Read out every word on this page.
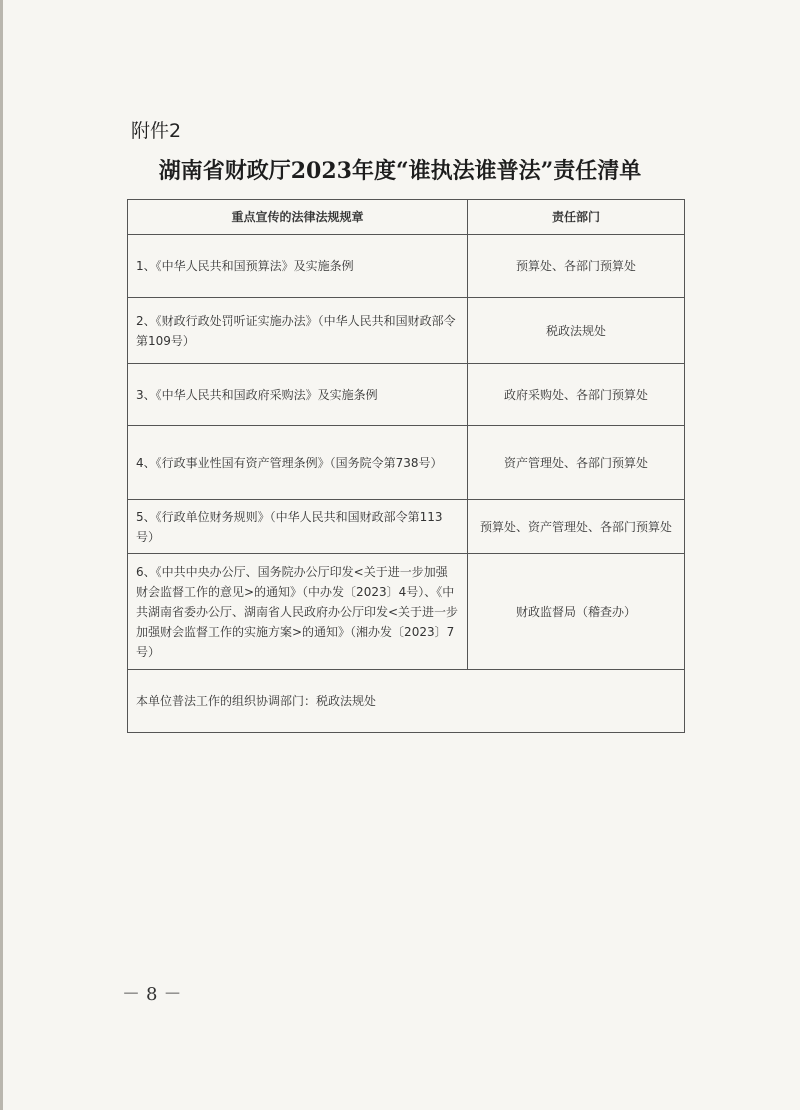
附件2
湖南省财政厅2023年度“谁执法谁普法”责任清单
重点宣传的法律法规规章	责任部门
1、《中华人民共和国预算法》及实施条例	预算处、各部门预算处
2、《财政行政处罚听证实施办法》（中华人民共和国财政部令第109号）	税政法规处
3、《中华人民共和国政府采购法》及实施条例	政府采购处、各部门预算处
4、《行政事业性国有资产管理条例》（国务院令第738号）	资产管理处、各部门预算处
5、《行政单位财务规则》（中华人民共和国财政部令第113号）	预算处、资产管理处、各部门预算处
6、《中共中央办公厅、国务院办公厅印发<关于进一步加强财会监督工作的意见>的通知》（中办发〔2023〕4号）、《中共湖南省委办公厅、湖南省人民政府办公厅印发<关于进一步加强财会监督工作的实施方案>的通知》（湘办发〔2023〕7号）	财政监督局（稽查办）
本单位普法工作的组织协调部门：税政法规处	
－8－
